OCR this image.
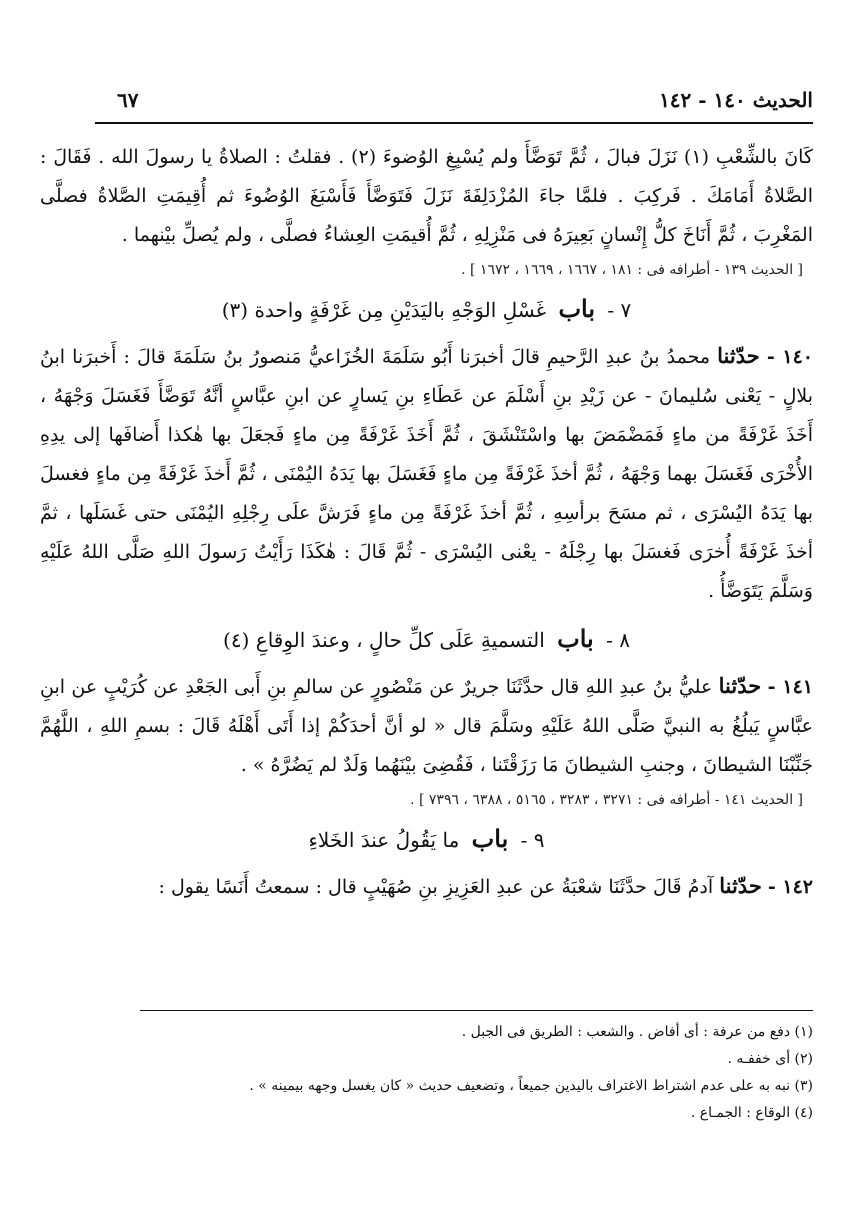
الحديث ١٤٠ - ١٤٢
٦٧

كَانَ بالشِّعْبِ (١) نَزَلَ فبالَ ، ثُمَّ تَوَضَّأَ ولم يُسْبِغِ الوُضوءَ (٢) . فقلتُ : الصلاةُ يا رسولَ الله . فَقَالَ : الصَّلاةُ أَمَامَكَ . فَركِبَ . فلمَّا جاءَ المُزْدَلِفَةَ نَزَلَ فَتَوَضَّأَ فَأَسْبَغَ الوُضُوءَ ثم أُقِيمَتِ الصَّلاةُ فصلَّى المَغْرِبَ ، ثُمَّ أَنَاخَ كلُّ إِنْسانٍ بَعِيرَهُ فى مَنْزِلِهِ ، ثُمَّ أُقيمَتِ العِشاءُ فصلَّى ، ولم يُصلِّ بيْنهما .

[ الحديث ١٣٩ - أطرافه فى : ١٨١ ، ١٦٦٧ ، ١٦٦٩ ، ١٦٧٢ ] .
٧ - باب غَسْلِ الوَجْهِ باليَدَيْنِ مِن غَرْفَةٍ واحدة (٣)

١٤٠ - حدّثنا محمدُ بنُ عبدِ الرَّحيمِ قالَ أخبرَنا أَبُو سَلَمَةَ الخُزَاعيُّ مَنصورُ بنُ سَلَمَةَ قالَ : أَخبرَنا ابنُ بلالٍ - يَعْنى سُليمانَ - عن زَيْدِ بنِ أَسْلَمَ عن عَطَاءِ بنِ يَسارٍ عن ابنِ عبَّاسٍ أنَّهُ تَوَضَّأَ فَغَسَلَ وَجْهَهُ ، أَخَذَ غَرْفَةً من ماءٍ فَمَضْمَضَ بها واسْتَنْشَقَ ، ثُمَّ أَخَذَ غَرْفَةً مِن ماءٍ فَجعَلَ بها هٰكذا أَضافَها إلى يدِهِ الأُخْرَى فَغَسَلَ بهما وَجْهَهُ ، ثُمَّ أخذَ غَرْفَةً مِن ماءٍ فَغَسَلَ بها يَدَهُ اليُمْنَى ، ثُمَّ أَخذَ غَرْفَةً مِن ماءٍ فغسلَ بها يَدَهُ اليُسْرَى ، ثم مسَحَ برأسِهِ ، ثُمَّ أخذَ غَرْفَةً مِن ماءٍ فَرَشَّ علَى رِجْلِهِ اليُمْنَى حتى غَسَلَها ، ثمَّ أخذَ غَرْفَةً أُخرَى فَغسَلَ بها رِجْلَهُ - يعْنى اليُسْرَى - ثُمَّ قَالَ : هٰكَذَا رَأَيْتُ رَسولَ اللهِ صَلَّى اللهُ عَلَيْهِ وَسَلَّمَ يَتَوَضَّأُ .

٨ - باب التسميةِ عَلَى كلِّ حالٍ ، وعندَ الوِقاعِ (٤)

١٤١ - حدّثنا عليُّ بنُ عبدِ اللهِ قال حدَّثَنَا جريرٌ عن مَنْصُورٍ عن سالمِ بنِ أَبى الجَعْدِ عن كُرَيْبٍ عن ابنِ عبَّاسٍ يَبلُغُ به النبيَّ صَلَّى اللهُ عَلَيْهِ وسَلَّمَ قال « لو أنَّ أحدَكُمْ إذا أَتَى أَهْلَهُ قَالَ : بسمِ اللهِ ، اللَّهُمَّ جَنِّبْنَا الشيطانَ ، وجنبِ الشيطانَ مَا رَزَقْتَنا ، فَقُضِىَ بيْنَهُما وَلَدٌ لم يَضُرَّهُ » .

[ الحديث ١٤١ - أطرافه فى : ٣٢٧١ ، ٣٢٨٣ ، ٥١٦٥ ، ٦٣٨٨ ، ٧٣٩٦ ] .
٩ - باب ما يَقُولُ عندَ الخَلاءِ

١٤٢ - حدّثنا آدمُ قَالَ حدَّثَنَا شعْبَةُ عن عبدِ العَزِيزِ بنِ صُهَيْبٍ قال : سمعتُ أَنَسًا يقول :

(١) دفع من عرفة : أى أفاض . والشعب : الطريق فى الجبل .

(٢) أى خففـه .

(٣) نبه به على عدم اشتراط الاغتراف باليدين جميعاً ، وتضعيف حديث « كان يغسل وجهه بيمينه » .

(٤) الوقاع : الجمـاع .
